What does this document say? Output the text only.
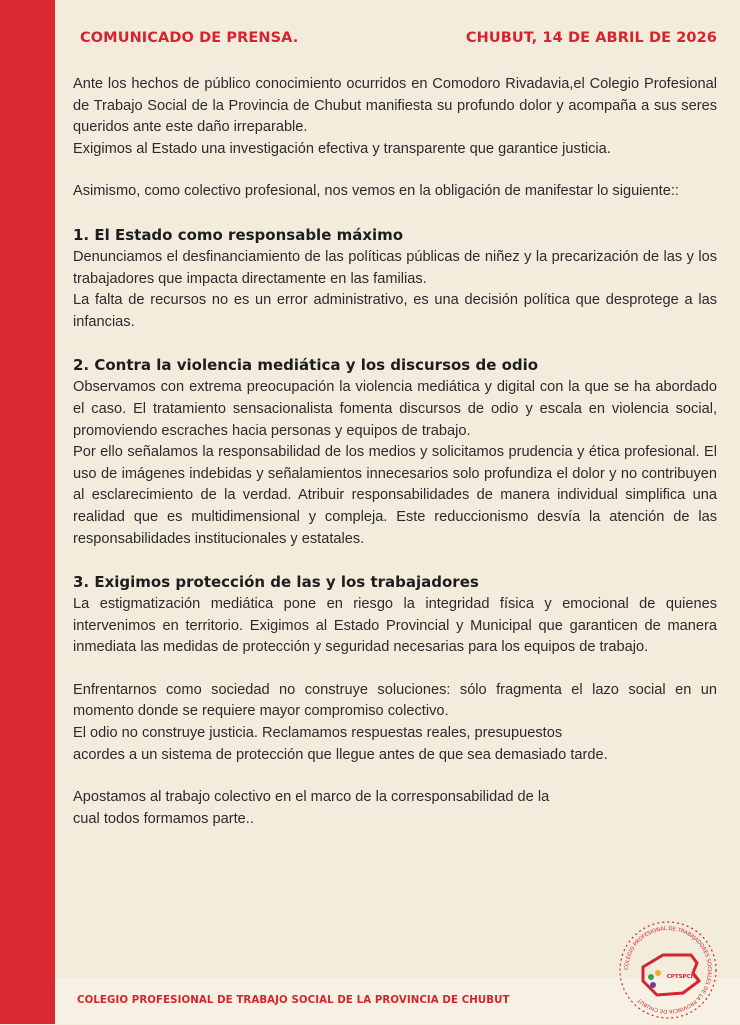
COMUNICADO DE PRENSA.	CHUBUT, 14 DE ABRIL DE 2026

Ante los hechos de público conocimiento ocurridos en Comodoro Rivadavia,el Colegio Profesional de Trabajo Social de la Provincia de Chubut manifiesta su profundo dolor y acompaña a sus seres queridos ante este daño irreparable.

Exigimos al Estado una investigación efectiva y transparente que garantice justicia.

Asimismo, como colectivo profesional, nos vemos en la obligación de manifestar lo siguiente::

1. El Estado como responsable máximo

Denunciamos el desfinanciamiento de las políticas públicas de niñez y la precarización de las y los trabajadores que impacta directamente en las familias.

La falta de recursos no es un error administrativo, es una decisión política que desprotege a las infancias.

2. Contra la violencia mediática y los discursos de odio

Observamos con extrema preocupación la violencia mediática y digital con la que se ha abordado el caso. El tratamiento sensacionalista fomenta discursos de odio y escala en violencia social, promoviendo escraches hacia personas y equipos de trabajo.

Por ello señalamos la responsabilidad de los medios y solicitamos prudencia y ética profesional. El uso de imágenes indebidas y señalamientos innecesarios solo profundiza el dolor y no contribuyen al esclarecimiento de la verdad. Atribuir responsabilidades de manera individual simplifica una realidad que es multidimensional y compleja. Este reduccionismo desvía la atención de las responsabilidades institucionales y estatales.

3. Exigimos protección de las y los trabajadores

La estigmatización mediática pone en riesgo la integridad física y emocional de quienes intervenimos en territorio. Exigimos al Estado Provincial y Municipal que garanticen de manera inmediata las medidas de protección y seguridad necesarias para los equipos de trabajo.

Enfrentarnos como sociedad no construye soluciones: sólo fragmenta el lazo social en un momento donde se requiere mayor compromiso colectivo.

El odio no construye justicia. Reclamamos respuestas reales, presupuestos

acordes a un sistema de protección que llegue antes de que sea demasiado tarde.

Apostamos al trabajo colectivo en el marco de la corresponsabilidad de la

cual todos formamos parte..

COLEGIO PROFESIONAL DE TRABAJO SOCIAL DE LA PROVINCIA DE CHUBUT
COLEGIO PROFESIONAL DE TRABAJADORES SOCIALES DE LA PROVINCIA DE CHUBUT
CPTSPCH
